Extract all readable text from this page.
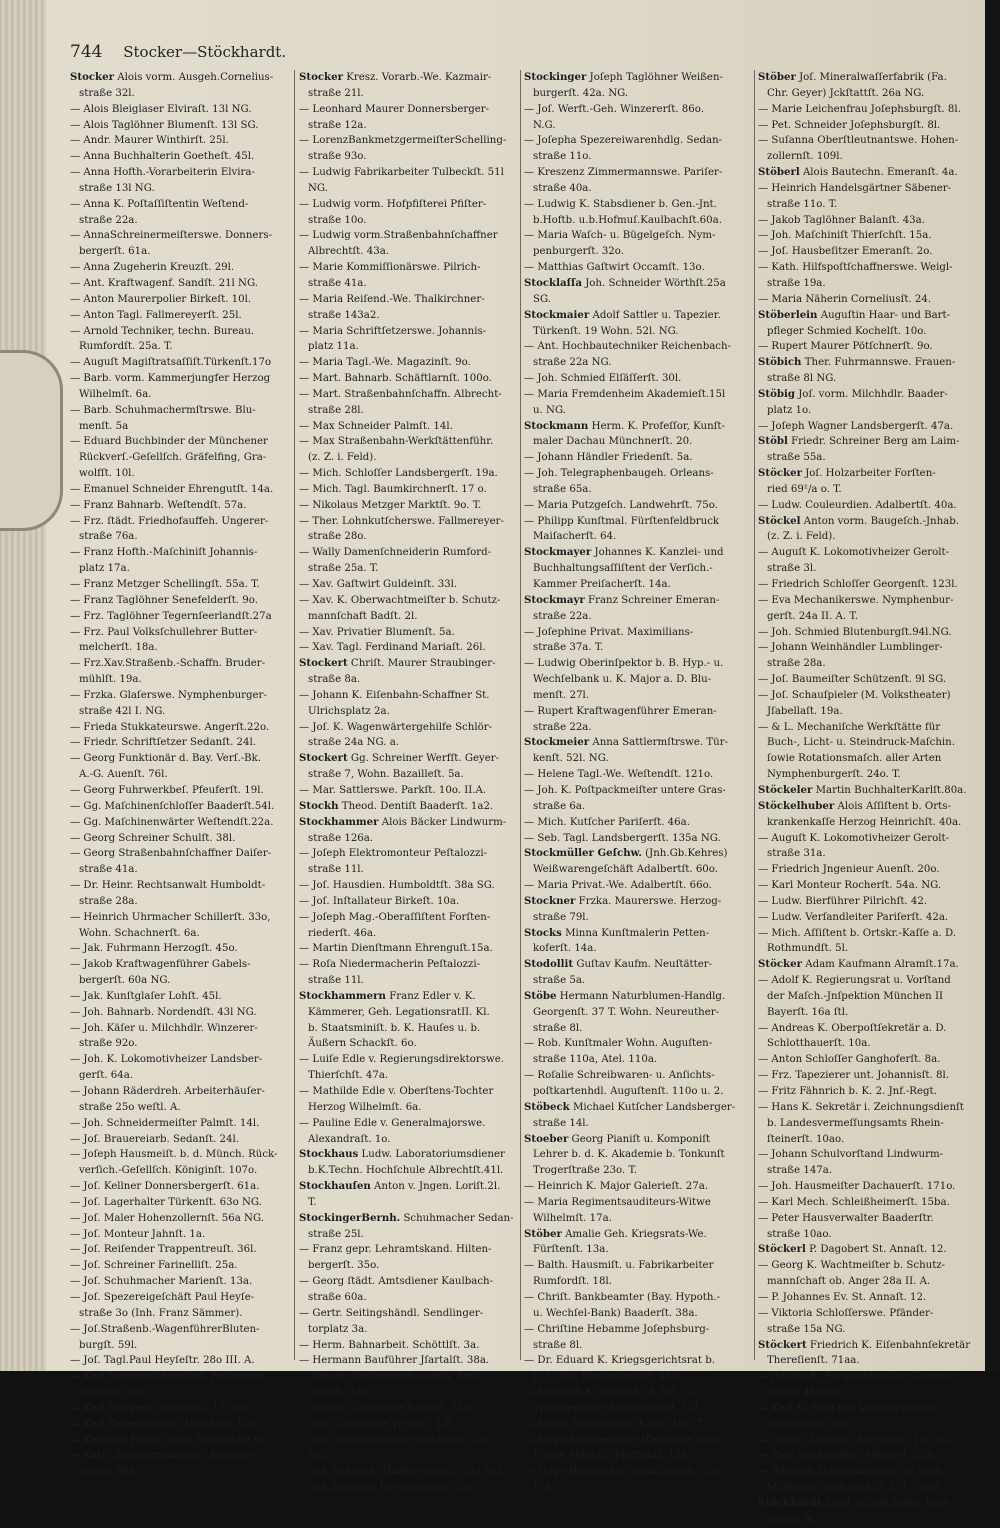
744 Stocker—Stöckhardt.
Stocker Alois vorm. Ausgeh.Cornelius-
straße 32l.
— Alois Bleiglaser Elviraſt. 13l NG.
— Alois Taglöhner Blumenſt. 13l SG.
— Andr. Maurer Winthirſt. 25l.
— Anna Buchhalterin Goetheſt. 45l.
— Anna Hofth.-Vorarbeiterin Elvira-
straße 13l NG.
— Anna K. Poſtaſſiſtentin Weſtend-
straße 22a.
— AnnaSchreinermeiſterswe. Donners-
bergerſt. 61a.
— Anna Zugeherin Kreuzſt. 29l.
— Ant. Kraftwagenf. Sandſt. 21l NG.
— Anton Maurerpolier Birkeſt. 10l.
— Anton Tagl. Fallmereyerſt. 25l.
— Arnold Techniker, techn. Bureau.
Rumfordſt. 25a. T.
— Auguſt Magiſtratsaſſiſt.Türkenſt.17o
— Barb. vorm. Kammerjungfer Herzog
Wilhelmſt. 6a.
— Barb. Schuhmachermſtrswe. Blu-
menſt. 5a
— Eduard Buchbinder der Münchener
Rückverſ.-Geſellſch. Gräfelfing, Gra-
wolfſt. 10l.
— Emanuel Schneider Ehrengutſt. 14a.
— Franz Bahnarb. Weſtendſt. 57a.
— Frz. ſtädt. Friedhofauffeh. Ungerer-
straße 76a.
— Franz Hofth.-Maſchiniſt Johannis-
platz 17a.
— Franz Metzger Schellingſt. 55a. T.
— Franz Taglöhner Senefelderſt. 9o.
— Frz. Taglöhner Tegernſeerlandſt.27a
— Frz. Paul Volksſchullehrer Butter-
melcherſt. 18a.
— Frz.Xav.Straßenb.-Schaffn. Bruder-
mühlſt. 19a.
— Frzka. Glaſerswe. Nymphenburger-
straße 42l I. NG.
— Frieda Stukkateurswe. Angerſt.22o.
— Friedr. Schriftſetzer Sedanſt. 24l.
— Georg Funktionär d. Bay. Verſ.-Bk.
A.-G. Auenſt. 76l.
— Georg Fuhrwerkbeſ. Pfeuferſt. 19l.
— Gg. Maſchinenſchloſſer Baaderſt.54l.
— Gg. Maſchinenwärter Weſtendſt.22a.
— Georg Schreiner Schulſt. 38l.
— Georg Straßenbahnſchaffner Daiſer-
straße 41a.
— Dr. Heinr. Rechtsanwalt Humboldt-
straße 28a.
— Heinrich Uhrmacher Schillerſt. 33o,
Wohn. Schachnerſt. 6a.
— Jak. Fuhrmann Herzogſt. 45o.
— Jakob Kraftwagenführer Gabels-
bergerſt. 60a NG.
— Jak. Kunſtglaſer Lohſt. 45l.
— Joh. Bahnarb. Nordendſt. 43l NG.
— Joh. Käſer u. Milchhdlr. Winzerer-
straße 92o.
— Joh. K. Lokomotivheizer Landsber-
gerſt. 64a.
— Johann Räderdreh. Arbeiterhäuſer-
straße 25o weſtl. A.
— Joh. Schneidermeiſter Palmſt. 14l.
— Joſ. Brauereiarb. Sedanſt. 24l.
— Joſeph Hausmeiſt. b. d. Münch. Rück-
verſich.-Geſellſch. Königinſt. 107o.
— Joſ. Kellner Donnersbergerſt. 61a.
— Joſ. Lagerhalter Türkenſt. 63o NG.
— Joſ. Maler Hohenzollernſt. 56a NG.
— Joſ. Monteur Jahnſt. 1a.
— Joſ. Reiſender Trappentreuſt. 36l.
— Joſ. Schreiner Farinelliſt. 25a.
— Joſ. Schuhmacher Marienſt. 13a.
— Joſ. Spezereigeſchäft Paul Heyſe-
straße 3o (Inh. Franz Sämmer).
— Joſ.Straßenb.-WagenführerBluten-
burgſt. 59l.
— Joſ. Tagl.Paul Heyſeſtr. 28o III. A.
— Karl Lohnkutſchereibeſ. Fallmerey-
erſtraße 28o.
— Karl Stiegenb. Baaderſt. 15l NG.
— Karl Tagesſchriftſt. Dantheſt. 11a.
— Karolina Privat. Dom Pedroplatz 6l.
— Kath. Zimmermannswe. Kazmair-
straße 58a.
Stocker Kresz. Vorarb.-We. Kazmair-
straße 21l.
— Leonhard Maurer Donnersberger-
straße 12a.
— LorenzBankmetzgermeiſterSchelling-
straße 93o.
— Ludwig Fabrikarbeiter Tulbeckſt. 51l
NG.
— Ludwig vorm. Hofpfiſterei Pfiſter-
straße 10o.
— Ludwig vorm.Straßenbahnſchaffner
Albrechtſt. 43a.
— Marie Kommiſſionärswe. Pilrich-
straße 41a.
— Maria Reiſend.-We. Thalkirchner-
straße 143a2.
— Maria Schriftſetzerswe. Johannis-
platz 11a.
— Maria Tagl.-We. Magazinſt. 9o.
— Mart. Bahnarb. Schäftlarnſt. 100o.
— Mart. Straßenbahnſchaffn. Albrecht-
straße 28l.
— Max Schneider Palmſt. 14l.
— Max Straßenbahn-Werkſtättenführ.
(z. Z. i. Feld).
— Mich. Schloſſer Landsbergerſt. 19a.
— Mich. Tagl. Baumkirchnerſt. 17 o.
— Nikolaus Metzger Marktſt. 9o. T.
— Ther. Lohnkutſcherswe. Fallmereyer-
straße 28o.
— Wally Damenſchneiderin Rumford-
straße 25a. T.
— Xav. Gaſtwirt Guldeinſt. 33l.
— Xav. K. Oberwachtmeiſter b. Schutz-
mannſchaft Badſt. 2l.
— Xav. Privatier Blumenſt. 5a.
— Xav. Tagl. Ferdinand Mariaſt. 26l.
Stockert Chriſt. Maurer Straubinger-
straße 8a.
— Johann K. Eiſenbahn-Schaffner St.
Ulrichsplatz 2a.
— Joſ. K. Wagenwärtergehilfe Schlör-
straße 24a NG. a.
Stockert Gg. Schreiner Werfſt. Geyer-
straße 7, Wohn. Bazailleſt. 5a.
— Mar. Sattlerswe. Parkſt. 10o. II.A.
Stockh Theod. Dentiſt Baaderſt. 1a2.
Stockhammer Alois Bäcker Lindwurm-
straße 126a.
— Joſeph Elektromonteur Peſtalozzi-
straße 11l.
— Joſ. Hausdien. Humboldtſt. 38a SG.
— Joſ. Inſtallateur Birkeſt. 10a.
— Joſeph Mag.-Oberaſſiſtent Forſten-
riederſt. 46a.
— Martin Dienſtmann Ehrenguſt.15a.
— Roſa Niedermacherin Peſtalozzi-
straße 11l.
Stockhammern Franz Edler v. K.
Kämmerer, Geh. LegationsratII. Kl.
b. Staatsminiſt. b. K. Hauſes u. b.
Äußern Schackſt. 6o.
— Luiſe Edle v. Regierungsdirektorswe.
Thierſchſt. 47a.
— Mathilde Edle v. Oberſtens-Tochter
Herzog Wilhelmſt. 6a.
— Pauline Edle v. Generalmajorswe.
Alexandraſt. 1o.
Stockhaus Ludw. Laboratoriumsdiener
b.K.Techn. Hochſchule Albrechtſt.41l.
Stockhauſen Anton v. Jngen. Loriſt.2l.
T.
StockingerBernh. Schuhmacher Sedan-
straße 25l.
— Franz gepr. Lehramtskand. Hilten-
bergerſt. 35o.
— Georg ſtädt. Amtsdiener Kaulbach-
straße 60a.
— Gertr. Seitingshändl. Sendlinger-
torplatz 3a.
— Herm. Bahnarbeit. Schöttlſt. 3a.
— Hermann Bauführer Jſartalſt. 38a.
— Johann Maſchinenhausgeh. Sebl-
mayrſt. 24a.
— Johann Taglöhner Balanſt. 75o.
— Joh. Taglöhner Triviaſt. 13l.
— Joſ. Alteiſenhändler Guldeinſt. 32a.
NG.
— Joſ. Schneid. Thalkirchnerſt. 53a NG.
— Joſ.Spengler Dreimühlenſt. 33l.
Stockinger Joſeph Taglöhner Weißen-
burgerſt. 42a. NG.
— Joſ. Werft.-Geh. Winzererſt. 86o.
N.G.
— Joſepha Spezereiwarenhdlg. Sedan-
straße 11o.
— Kreszenz Zimmermannswe. Pariſer-
straße 40a.
— Ludwig K. Stabsdiener b. Gen.-Jnt.
b.Hoftb. u.b.Hofmuſ.Kaulbachſt.60a.
— Maria Waſch- u. Bügelgeſch. Nym-
penburgerſt. 32o.
— Matthias Gaſtwirt Occamſt. 13o.
Stocklaſſa Joh. Schneider Wörthſt.25a
SG.
Stockmaier Adolf Sattler u. Tapezier.
Türkenſt. 19 Wohn. 52l. NG.
— Ant. Hochbautechniker Reichenbach-
straße 22a NG.
— Joh. Schmied Elſäſſerſt. 30l.
— Maria Fremdenheim Akademieſt.15l
u. NG.
Stockmann Herm. K. Profeſſor, Kunſt-
maler Dachau Münchnerſt. 20.
— Johann Händler Friedenſt. 5a.
— Joh. Telegraphenbaugeh. Orleans-
straße 65a.
— Maria Putzgeſch. Landwehrſt. 75o.
— Philipp Kunſtmal. Fürſtenfeldbruck
Maiſacherſt. 64.
Stockmayer Johannes K. Kanzlei- und
Buchhaltungsaſſiſtent der Verſich.-
Kammer Preiſacherſt. 14a.
Stockmayr Franz Schreiner Emeran-
straße 22a.
— Joſephine Privat. Maximilians-
straße 37a. T.
— Ludwig Oberinſpektor b. B. Hyp.- u.
Wechſelbank u. K. Major a. D. Blu-
menſt. 27l.
— Rupert Kraftwagenführer Emeran-
straße 22a.
Stockmeier Anna Sattlermſtrswe. Tür-
kenſt. 52l. NG.
— Helene Tagl.-We. Weſtendſt. 121o.
— Joh. K. Poſtpackmeiſter untere Gras-
straße 6a.
— Mich. Kutſcher Pariſerſt. 46a.
— Seb. Tagl. Landsbergerſt. 135a NG.
Stockmüller Geſchw. (Jnh.Gb.Kehres)
Weißwarengeſchäft Adalbertſt. 60o.
— Maria Privat.-We. Adalbertſt. 66o.
Stockner Frzka. Maurerswe. Herzog-
straße 79l.
Stocks Minna Kunſtmalerin Petten-
koferſt. 14a.
Stodollit Guſtav Kaufm. Neuſtätter-
straße 5a.
Stöbe Hermann Naturblumen-Handlg.
Georgenſt. 37 T. Wohn. Neureuther-
straße 8l.
— Rob. Kunſtmaler Wohn. Auguſten-
straße 110a, Atel. 110a.
— Roſalie Schreibwaren- u. Anſichts-
poſtkartenhdl. Auguſtenſt. 110o u. 2.
Stöbeck Michael Kutſcher Landsberger-
straße 14l.
Stoeber Georg Pianiſt u. Komponiſt
Lehrer b. d. K. Akademie b. Tonkunſt
Trogerſtraße 23o. T.
— Heinrich K. Major Galerieſt. 27a.
— Maria Regimentsauditeurs-Witwe
Wilhelmſt. 17a.
Stöber Amalie Geh. Kriegsrats-We.
Fürſtenſt. 13a.
— Balth. Hausmiſt. u. Fabrikarbeiter
Rumfordſt. 18l.
— Chriſt. Bankbeamter (Bay. Hypoth.-
u. Wechſel-Bank) Baaderſt. 38a.
— Chriſtine Hebamme Joſephsburg-
straße 8l.
— Dr. Eduard K. Kriegsgerichtsrat b.
b. 1. Div. Hindenburgſt. 45a.
— Heinrich K. Major b. d. Art.- u.
Traindepotdir. Maximilianſt. 12l.
— Heinr. Schriftleiter Karſt. 14a. T.
— Hugo Bankbeamter (Deutſche Bank
Filiale Münch.) Fürſtenſt. 13a.
— Hugo Hutmacher Sendlingerſt. 29a
I. A.
Stöber Joſ. Mineralwaſſerfabrik (Fa.
Chr. Geyer) Jckſtattſt. 26a NG.
— Marie Leichenfrau Joſephsburgſt. 8l.
— Pet. Schneider Joſephsburgſt. 8l.
— Suſanna Oberſtleutnantswe. Hohen-
zollernſt. 109l.
Stöberl Alois Bautechn. Emeranſt. 4a.
— Heinrich Handelsgärtner Säbener-
straße 11o. T.
— Jakob Taglöhner Balanſt. 43a.
— Joh. Maſchiniſt Thierſchſt. 15a.
— Joſ. Hausbeſitzer Emeranſt. 2o.
— Kath. Hilfspoſtſchaffnerswe. Weigl-
straße 19a.
— Maria Näherin Corneliusſt. 24.
Stöberlein Auguſtin Haar- und Bart-
pfleger Schmied Kochelſt. 10o.
— Rupert Maurer Pötſchnerſt. 9o.
Stöbich Ther. Fuhrmannswe. Frauen-
straße 8l NG.
Stöbig Joſ. vorm. Milchhdlr. Baader-
platz 1o.
— Joſeph Wagner Landsbergerſt. 47a.
Stöbl Friedr. Schreiner Berg am Laim-
straße 55a.
Stöcker Joſ. Holzarbeiter Forſten-
ried 69¹/a o. T.
— Ludw. Couleurdien. Adalbertſt. 40a.
Stöckel Anton vorm. Baugeſch.-Jnhab.
(z. Z. i. Feld).
— Auguſt K. Lokomotivheizer Gerolt-
straße 3l.
— Friedrich Schloſſer Georgenſt. 123l.
— Eva Mechanikerswe. Nymphenbur-
gerſt. 24a II. A. T.
— Joh. Schmied Blutenburgſt.94l.NG.
— Johann Weinhändler Lumblinger-
straße 28a.
— Joſ. Baumeiſter Schützenſt. 9l SG.
— Joſ. Schauſpieler (M. Volkstheater)
Jſabellaſt. 19a.
— & L. Mechaniſche Werkſtätte für
Buch-, Licht- u. Steindruck-Maſchin.
ſowie Rotationsmaſch. aller Arten
Nymphenburgerſt. 24o. T.
Stöckeler Martin BuchhalterKarlſt.80a.
Stöckelhuber Alois Aſſiſtent b. Orts-
krankenkaſſe Herzog Heinrichſt. 40a.
— Auguſt K. Lokomotivheizer Gerolt-
straße 31a.
— Friedrich Jngenieur Auenſt. 20o.
— Karl Monteur Rocherſt. 54a. NG.
— Ludw. Bierführer Pilrichſt. 42.
— Ludw. Verſandleiter Pariſerſt. 42a.
— Mich. Aſſiſtent b. Ortskr.-Kaſſe a. D.
Rothmundſt. 5l.
Stöcker Adam Kaufmann Alramſt.17a.
— Adolf K. Regierungsrat u. Vorſtand
der Maſch.-Jnſpektion München II
Bayerſt. 16a ſtl.
— Andreas K. Oberpoſtſekretär a. D.
Schlotthauerſt. 10a.
— Anton Schloſſer Ganghoferſt. 8a.
— Frz. Tapezierer unt. Johannisſt. 8l.
— Fritz Fähnrich b. K. 2. Jnf.-Regt.
— Hans K. Sekretär i. Zeichnungsdienſt
b. Landesvermeſſungsamts Rhein-
ſteinerſt. 10ao.
— Johann Schulvorſtand Lindwurm-
straße 147a.
— Joh. Hausmeiſter Dachauerſt. 171o.
— Karl Mech. Schleißheimerſt. 15ba.
— Peter Hausverwalter Baaderſtr.
straße 10ao.
Stöckerl P. Dagobert St. Annaſt. 12.
— Georg K. Wachtmeiſter b. Schutz-
mannſchaft ob. Anger 28a II. A.
— P. Johannes Ev. St. Annaſt. 12.
— Viktoria Schloſſerswe. Pfänder-
straße 15a NG.
Stöckert Friedrich K. Eiſenbahnſekretär
Thereſienſt. 71aa.
— Johann K. Poſtpackmeiſter Tulbeck-
straße 48a SG.
— Karl K. Bote bes Verkehrsminiſt.
Dachauerſt. 26l.
— Leonh. Dienſtm. Kirchenſt. 15o SG.
— Paul Werkmeiſter Müllerſt. 35a.
— Wilhelm Schwimmlehrer im ſtädt.
Müllerſch. Volksbad (z. Z. i. Feld).
Stöckhardt Ernſt Schriftſteller Jagd-
straße 9l.
